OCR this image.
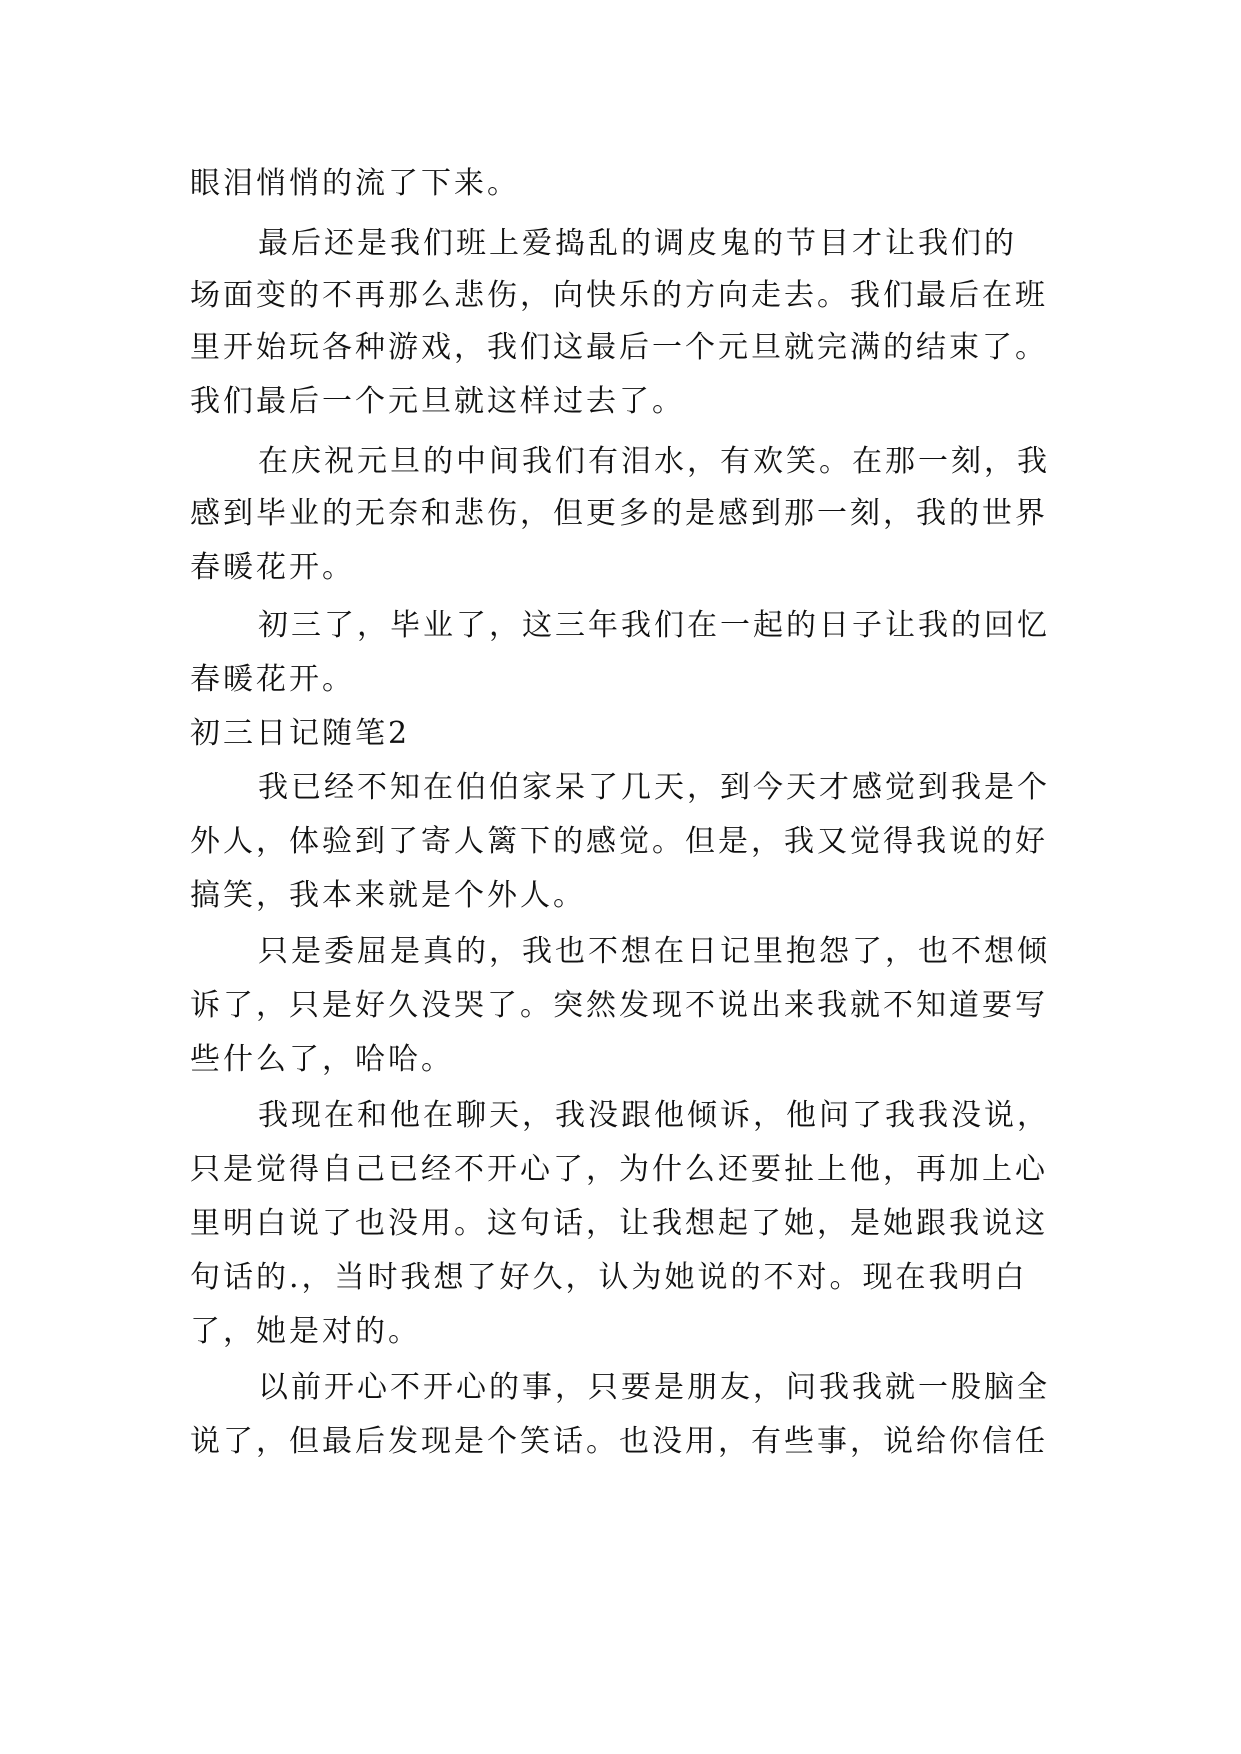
眼泪悄悄的流了下来。
最后还是我们班上爱捣乱的调皮鬼的节目才让我们的
场面变的不再那么悲伤，向快乐的方向走去。我们最后在班
里开始玩各种游戏，我们这最后一个元旦就完满的结束了。
我们最后一个元旦就这样过去了。
在庆祝元旦的中间我们有泪水，有欢笑。在那一刻，我
感到毕业的无奈和悲伤，但更多的是感到那一刻，我的世界
春暖花开。
初三了，毕业了，这三年我们在一起的日子让我的回忆
春暖花开。
初三日记随笔2
我已经不知在伯伯家呆了几天，到今天才感觉到我是个
外人，体验到了寄人篱下的感觉。但是，我又觉得我说的好
搞笑，我本来就是个外人。
只是委屈是真的，我也不想在日记里抱怨了，也不想倾
诉了，只是好久没哭了。突然发现不说出来我就不知道要写
些什么了，哈哈。
我现在和他在聊天，我没跟他倾诉，他问了我我没说，
只是觉得自己已经不开心了，为什么还要扯上他，再加上心
里明白说了也没用。这句话，让我想起了她，是她跟我说这
句话的.，当时我想了好久，认为她说的不对。现在我明白
了，她是对的。
以前开心不开心的事，只要是朋友，问我我就一股脑全
说了，但最后发现是个笑话。也没用，有些事，说给你信任
